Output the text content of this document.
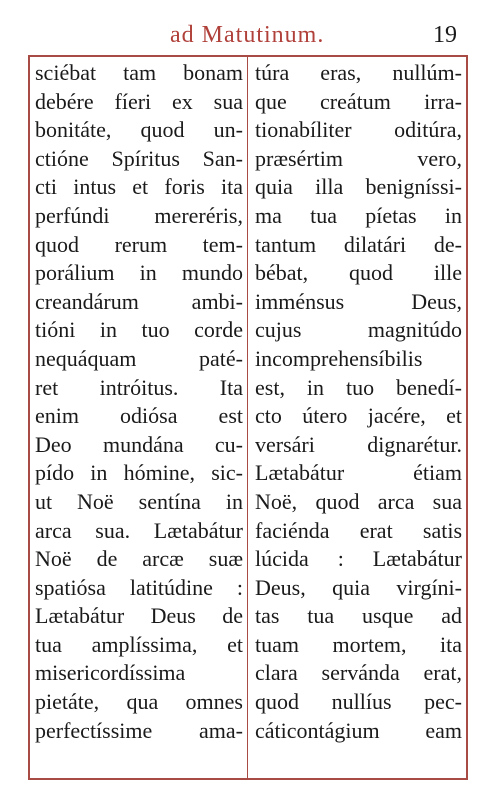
ad Matutinum.	19
sciébat tam bonam
debére fíeri ex sua
bonitáte, quod un-
ctióne Spíritus San-
cti intus et foris ita
perfúndi mereréris,
quod rerum tem-
porálium in mundo
creandárum ambi-
tióni in tuo corde
nequáquam paté-
ret intróitus. Ita
enim odiósa est
Deo mundána cu-
pído in hómine, sic-
ut Noë sentína in
arca sua. Lætabátur
Noë de arcæ suæ
spatiósa latitúdine :
Lætabátur Deus de
tua amplíssima, et
misericordíssima
pietáte, qua omnes
perfectíssime ama-
túra eras, nullúm-
que creátum irra-
tionabíliter oditúra,
præsértim vero,
quia illa benigníssi-
ma tua píetas in
tantum dilatári de-
bébat, quod ille
imménsus Deus,
cujus magnitúdo
incomprehensíbilis
est, in tuo benedí-
cto útero jacére, et
versári dignarétur.
Lætabátur étiam
Noë, quod arca sua
faciénda erat satis
lúcida : Lætabátur
Deus, quia virgíni-
tas tua usque ad
tuam mortem, ita
clara servánda erat,
quod nullíus pec-
cáticontágium eam
